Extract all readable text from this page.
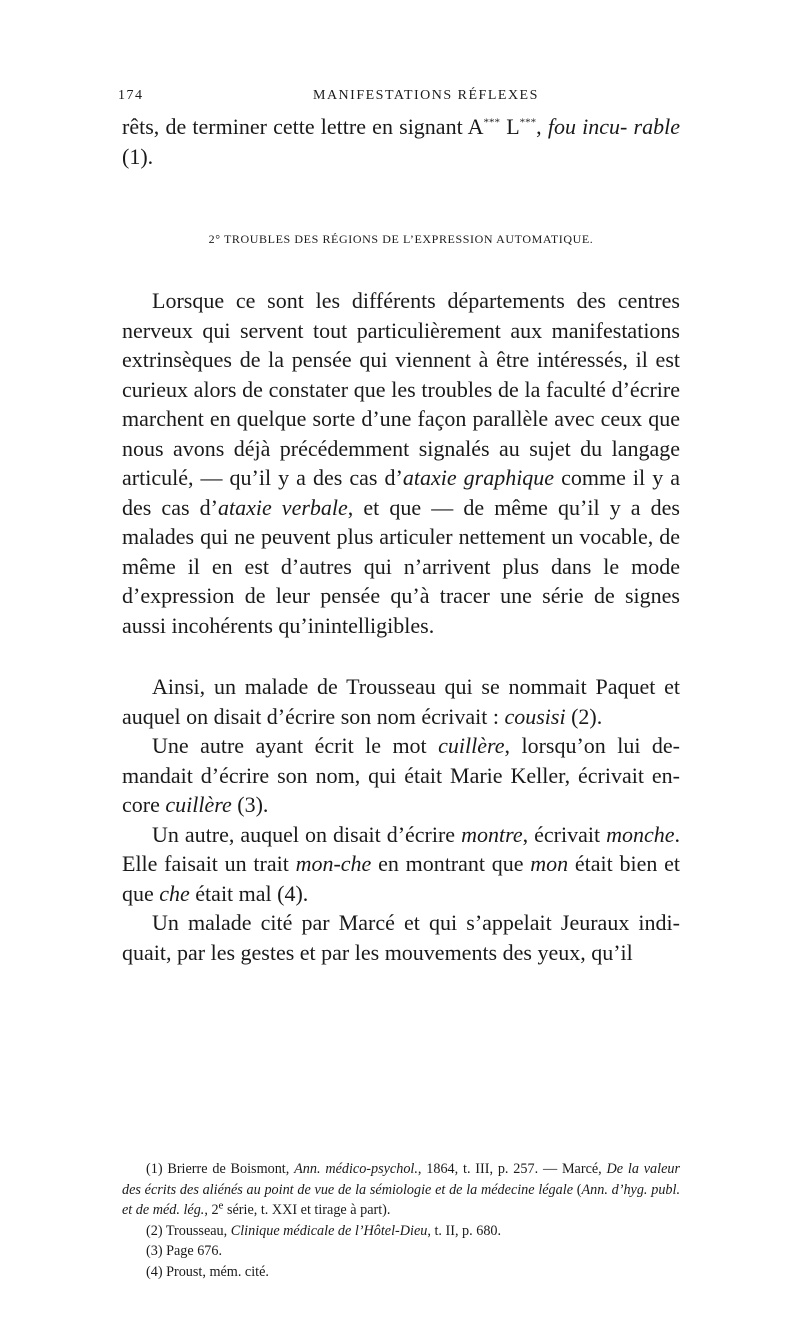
174	MANIFESTATIONS RÉFLEXES
rêts, de terminer cette lettre en signant A*** L***, fou incu- rable (1).
2° TROUBLES DES RÉGIONS DE L’EXPRESSION AUTOMATIQUE.

Lorsque ce sont les différents départements des centres nerveux qui servent tout particulièrement aux manifestations extrinsèques de la pensée qui viennent à être intéressés, il est curieux alors de constater que les troubles de la faculté d’écrire marchent en quelque sorte d’une façon parallèle avec ceux que nous avons déjà précédemment signalés au sujet du langage articulé, — qu’il y a des cas d’ataxie graphique comme il y a des cas d’ataxie verbale, et que — de même qu’il y a des malades qui ne peuvent plus articuler nettement un vocable, de même il en est d’autres qui n’arrivent plus dans le mode d’expression de leur pensée qu’à tracer une série de signes aussi incohérents qu’inintelligibles.

Ainsi, un malade de Trousseau qui se nommait Paquet et auquel on disait d’écrire son nom écrivait : cousisi (2).

Une autre ayant écrit le mot cuillère, lorsqu’on lui de- mandait d’écrire son nom, qui était Marie Keller, écrivait en- core cuillère (3).

Un autre, auquel on disait d’écrire montre, écrivait monche. Elle faisait un trait mon-che en montrant que mon était bien et que che était mal (4).

Un malade cité par Marcé et qui s’appelait Jeuraux indi- quait, par les gestes et par les mouvements des yeux, qu’il

(1) Brierre de Boismont, Ann. médico-psychol., 1864, t. III, p. 257. — Marcé, De la valeur des écrits des aliénés au point de vue de la sémiologie et de la médecine légale (Ann. d’hyg. publ. et de méd. lég., 2e série, t. XXI et tirage à part).

(2) Trousseau, Clinique médicale de l’Hôtel-Dieu, t. II, p. 680.

(3) Page 676.

(4) Proust, mém. cité.
